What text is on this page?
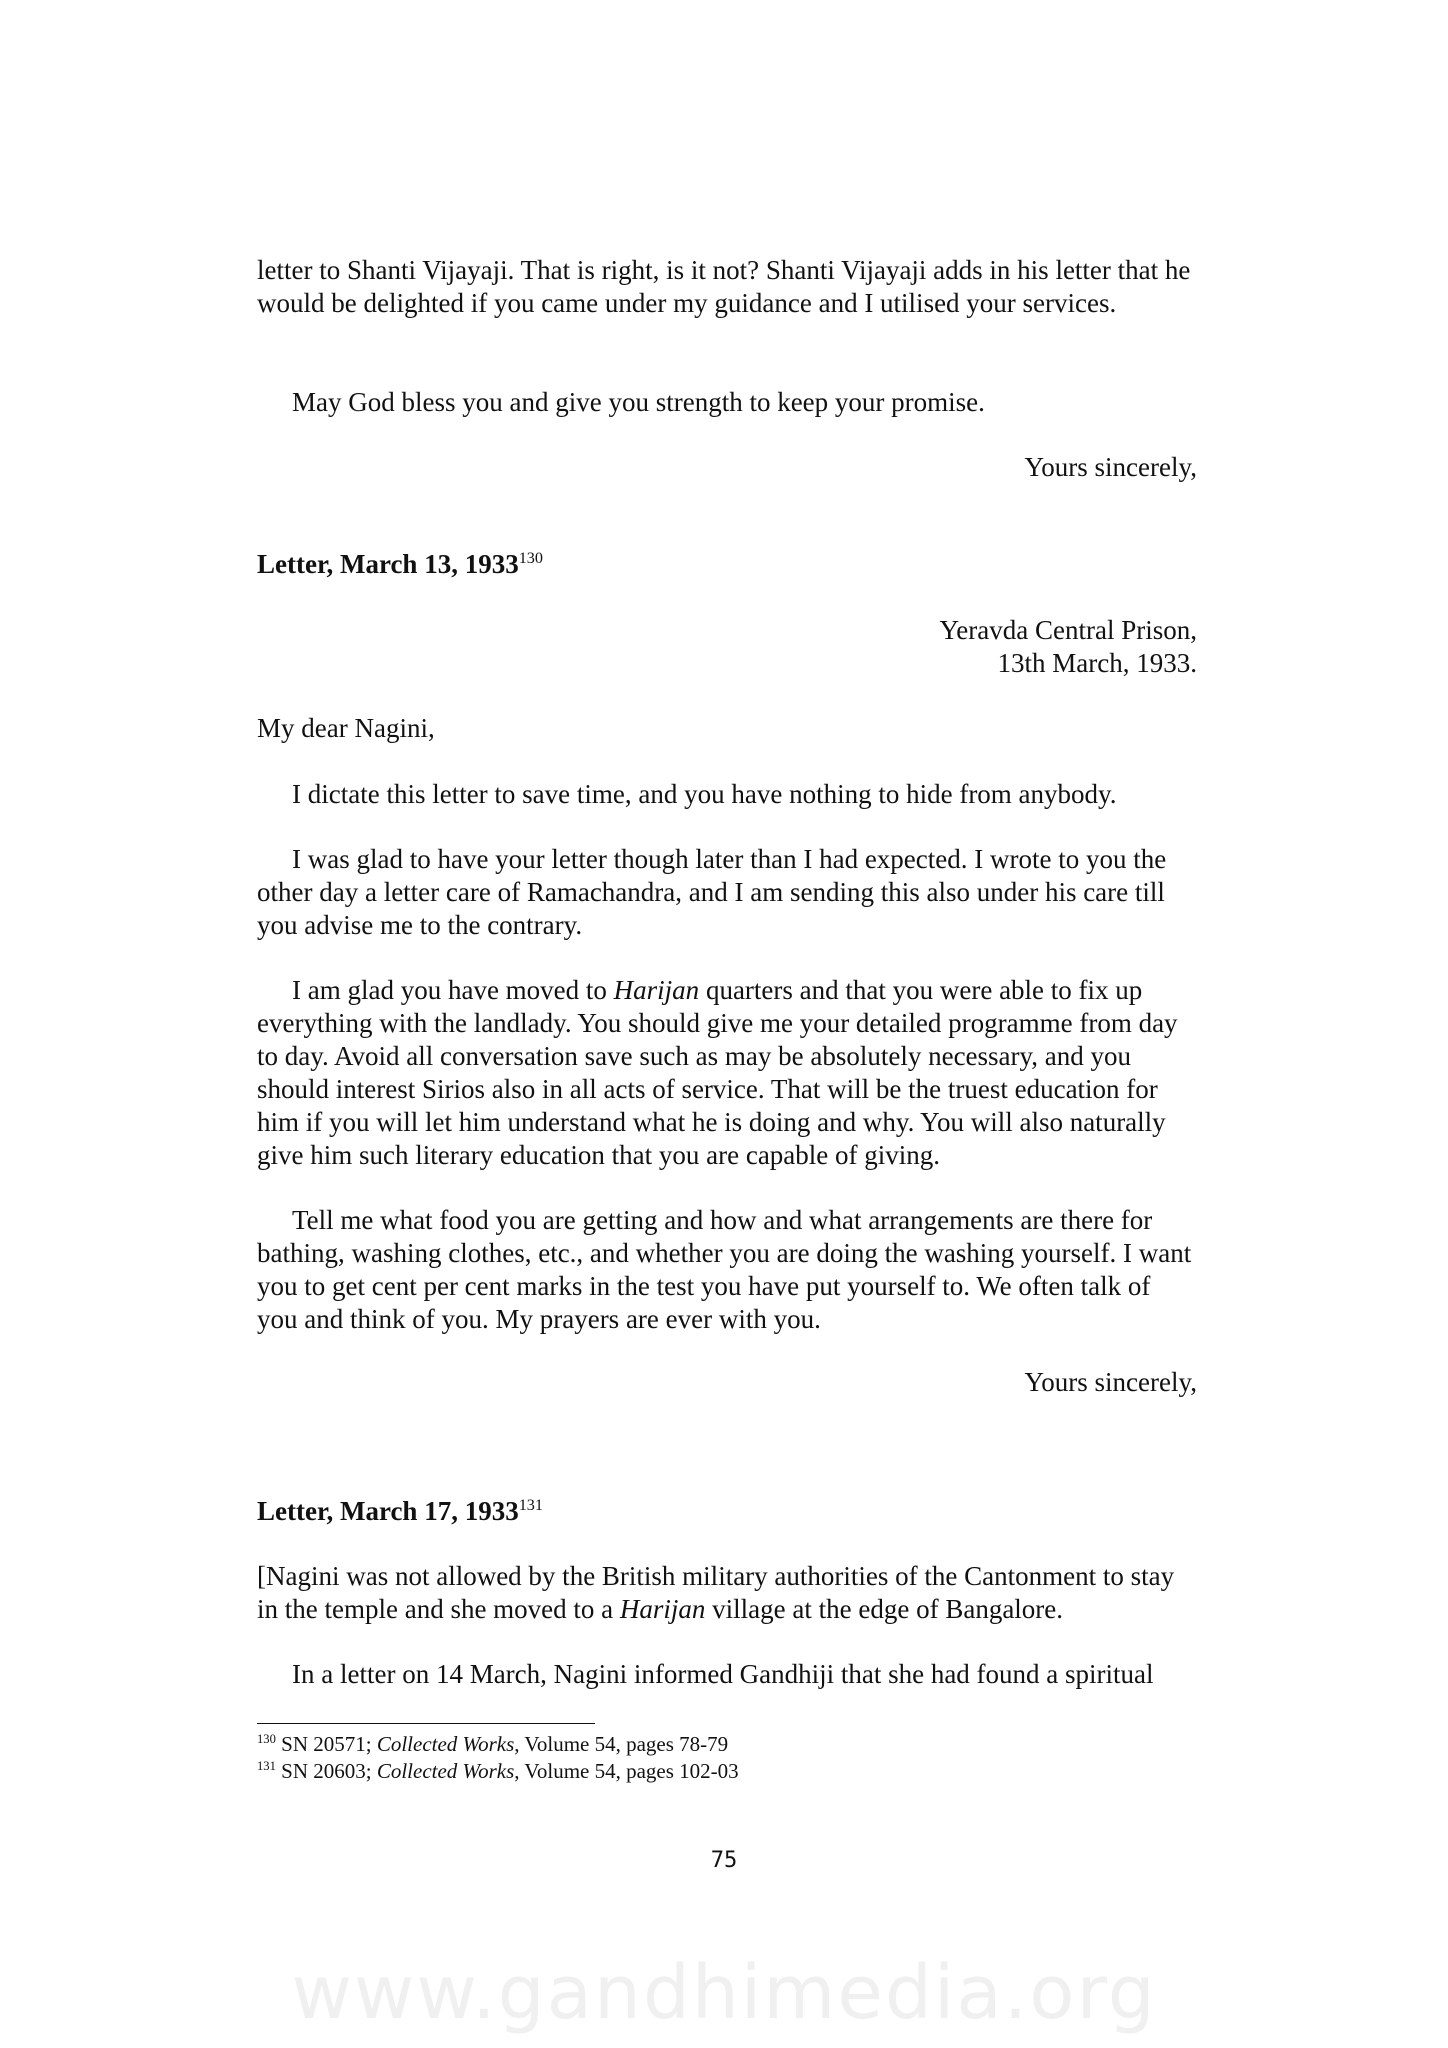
letter to Shanti Vijayaji. That is right, is it not? Shanti Vijayaji adds in his letter that he would be delighted if you came under my guidance and I utilised your services.

May God bless you and give you strength to keep your promise.

Yours sincerely,

Letter, March 13, 1933$^{130}$

Yeravda Central Prison,

13th March, 1933.

My dear Nagini,

I dictate this letter to save time, and you have nothing to hide from anybody.

I was glad to have your letter though later than I had expected. I wrote to you the other day a letter care of Ramachandra, and I am sending this also under his care till you advise me to the contrary.

I am glad you have moved to Harijan quarters and that you were able to fix up everything with the landlady. You should give me your detailed programme from day to day. Avoid all conversation save such as may be absolutely necessary, and you should interest Sirios also in all acts of service. That will be the truest education for him if you will let him understand what he is doing and why. You will also naturally give him such literary education that you are capable of giving.

Tell me what food you are getting and how and what arrangements are there for bathing, washing clothes, etc., and whether you are doing the washing yourself. I want you to get cent per cent marks in the test you have put yourself to. We often talk of you and think of you. My prayers are ever with you.

Yours sincerely,

Letter, March 17, 1933$^{131}$

[Nagini was not allowed by the British military authorities of the Cantonment to stay in the temple and she moved to a Harijan village at the edge of Bangalore.

In a letter on 14 March, Nagini informed Gandhiji that she had found a spiritual

$^{130}$ SN 20571; Collected Works, Volume 54, pages 78-79
$^{131}$ SN 20603; Collected Works, Volume 54, pages 102-03
75
www.gandhimedia.org
